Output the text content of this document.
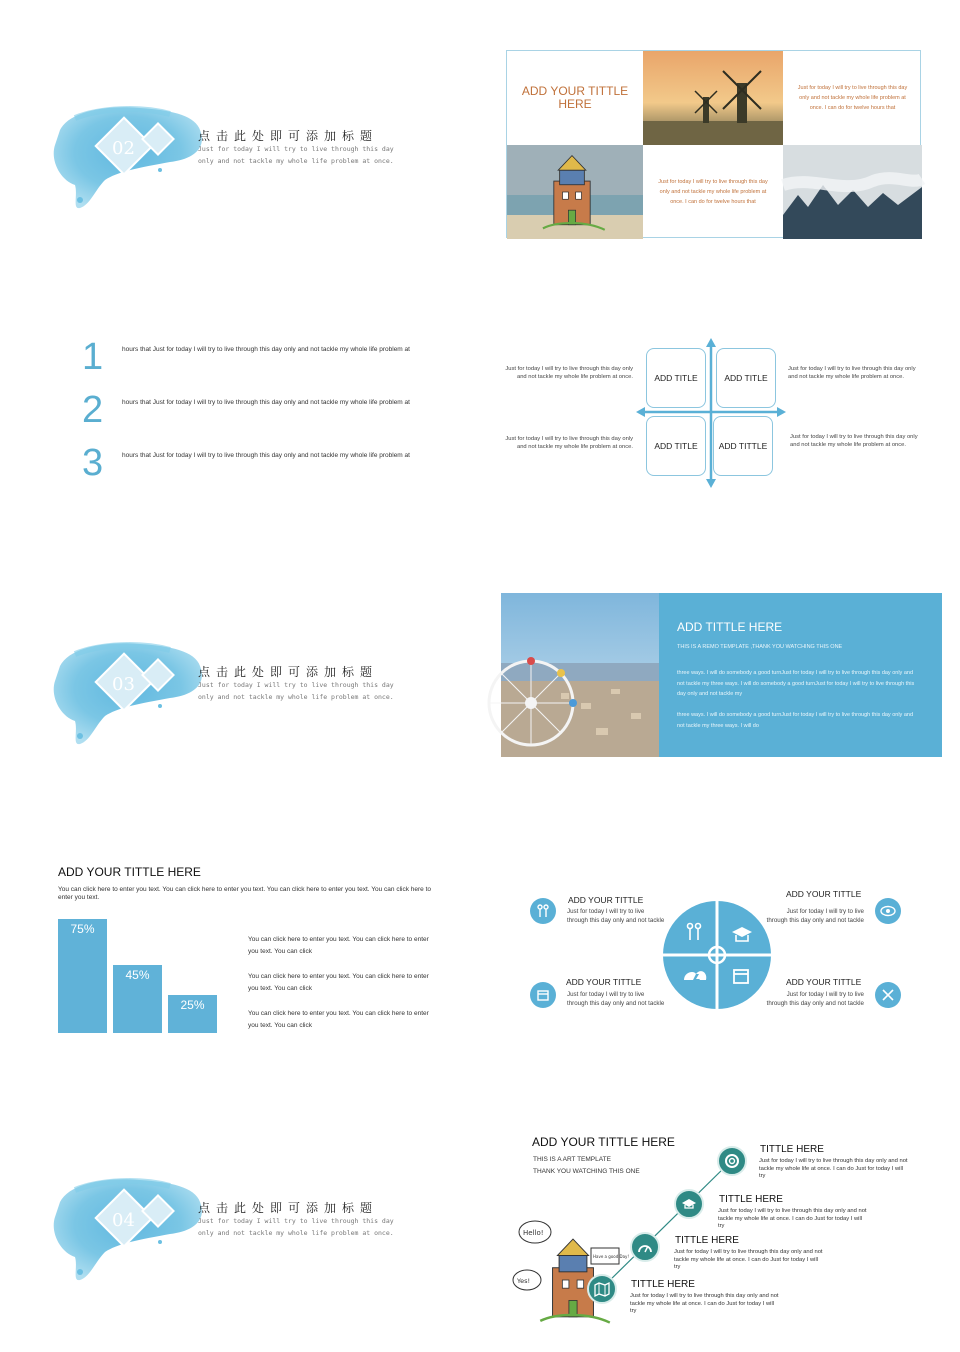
02
点击此处即可添加标题
Just for today I will try to live through this day only and not tackle my whole life problem at once.
ADD YOUR TITTLE HERE
Just for today I will try to live through this day only and not tackle my whole life problem at once. I can do for twelve hours that
Just for today I will try to live through this day only and not tackle my whole life problem at once. I can do for twelve hours that
1	hours that Just for today I will try to live through this day only and not tackle my whole life problem at
2	hours that Just for today I will try to live through this day only and not tackle my whole life problem at
3	hours that Just for today I will try to live through this day only and not tackle my whole life problem at
ADD TITLE	ADD TITLE
ADD TITLE	ADD TITTLE
Just for today I will try to live through this day only and not tackle my whole life problem at once.
Just for today I will try to live through this day only and not tackle my whole life problem at once.
Just for today I will try to live through this day only and not tackle my whole life problem at once.
Just for today I will try to live through this day only and not tackle my whole life problem at once.
03
点击此处即可添加标题
Just for today I will try to live through this day only and not tackle my whole life problem at once.
ADD TITTLE HERE
THIS IS A REMO TEMPLATE ,THANK YOU WATCHING THIS ONE
three ways. I will do somebody a good turnJust for today I will try to live through this day only and not tackle my three ways. I will do somebody a good turnJust for today I will try to live through this day only and not tackle my
three ways. I will do somebody a good turnJust for today I will try to live through this day only and not tackle my three ways. I will do
ADD YOUR TITTLE HERE
You can click here to enter you text. You can click here to enter you text. You can click here to enter you text. You can click here to enter you text.
75%
45%
25%
You can click here to enter you text. You can click here to enter you text. You can click
You can click here to enter you text. You can click here to enter you text. You can click
You can click here to enter you text. You can click here to enter you text. You can click
ADD YOUR TITTLE
Just for today I will try to live through this day only and not tackle
ADD YOUR TITTLE
Just for today I will try to live through this day only and not tackle
ADD YOUR TITTLE
Just for today I will try to live through this day only and not tackle
ADD YOUR TITTLE
Just for today I will try to live through this day only and not tackle
04
点击此处即可添加标题
Just for today I will try to live through this day only and not tackle my whole life problem at once.
ADD YOUR TITTLE HERE
THIS IS A ART TEMPLATE
THANK YOU WATCHING THIS ONE
Hello!
Yes!
Have a good Day!
TITTLE HERE
Just for today I will try to live through this day only and not tackle my whole life at once. I can do Just for today I will try
TITTLE HERE
Just for today I will try to live through this day only and not tackle my whole life at once. I can do Just for today I will try
TITTLE HERE
Just for today I will try to live through this day only and not tackle my whole life at once. I can do Just for today I will try
TITTLE HERE
Just for today I will try to live through this day only and not tackle my whole life at once. I can do Just for today I will try
